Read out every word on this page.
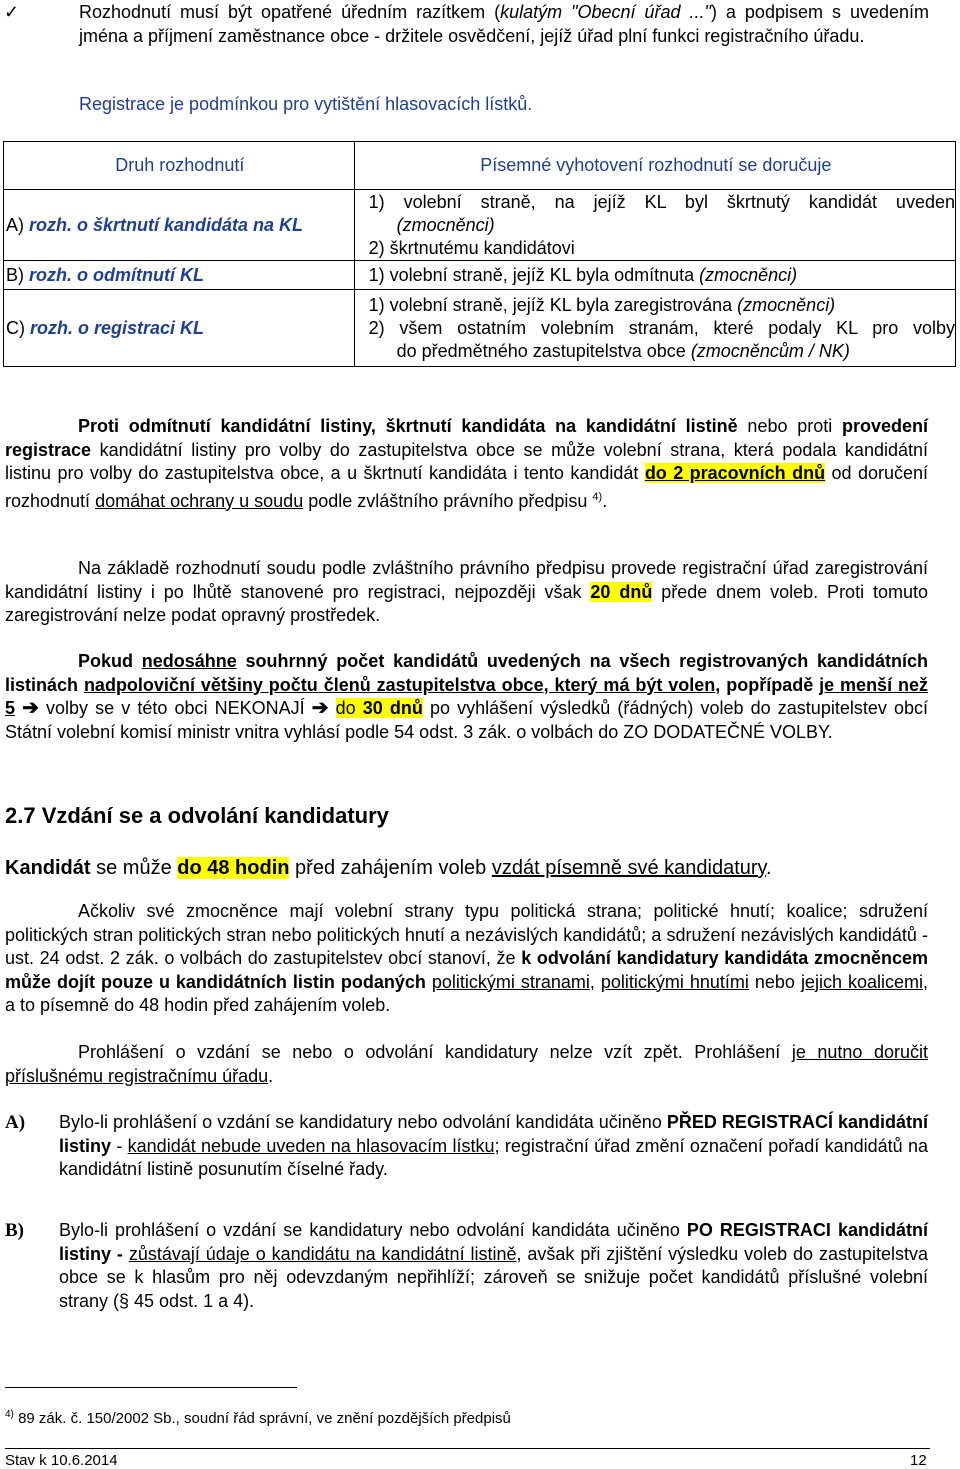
✓	Rozhodnutí musí být opatřené úředním razítkem (kulatým "Obecní úřad ...") a podpisem s uvedením jména a příjmení zaměstnance obce - držitele osvědčení, jejíž úřad plní funkci registračního úřadu.

Registrace je podmínkou pro vytištění hlasovacích lístků.

Druh rozhodnutí	Písemné vyhotovení rozhodnutí se doručuje
A) rozh. o škrtnutí kandidáta na KL	1) volební straně, na jejíž KL byl škrtnutý kandidát uveden
(zmocněnci)
2) škrtnutému kandidátovi

B) rozh. o odmítnutí KL	1) volební straně, jejíž KL byla odmítnuta (zmocněnci)
C) rozh. o registraci KL	1) volební straně, jejíž KL byla zaregistrována (zmocněnci)
2) všem ostatním volebním stranám, které podaly KL pro volby
do předmětného zastupitelstva obce (zmocněncům / NK)

Proti odmítnutí kandidátní listiny, škrtnutí kandidáta na kandidátní listině nebo proti provedení registrace kandidátní listiny pro volby do zastupitelstva obce se může volební strana, která podala kandidátní listinu pro volby do zastupitelstva obce, a u škrtnutí kandidáta i tento kandidát do 2 pracovních dnů od doručení rozhodnutí domáhat ochrany u soudu podle zvláštního právního předpisu $^{4)}$.

Na základě rozhodnutí soudu podle zvláštního právního předpisu provede registrační úřad zaregistrování kandidátní listiny i po lhůtě stanovené pro registraci, nejpozději však 20 dnů přede dnem voleb. Proti tomuto zaregistrování nelze podat opravný prostředek.

Pokud nedosáhne souhrnný počet kandidátů uvedených na všech registrovaných kandidátních listinách nadpoloviční většiny počtu členů zastupitelstva obce, který má být volen, popřípadě je menší než 5 ➔ volby se v této obci NEKONAJÍ ➔ do 30 dnů po vyhlášení výsledků (řádných) voleb do zastupitelstev obcí Státní volební komisí ministr vnitra vyhlásí podle 54 odst. 3 zák. o volbách do ZO DODATEČNÉ VOLBY.

2.7 Vzdání se a odvolání kandidatury

Kandidát se může do 48 hodin před zahájením voleb vzdát písemně své kandidatury.

Ačkoliv své zmocněnce mají volební strany typu politická strana; politické hnutí; koalice; sdružení politických stran politických stran nebo politických hnutí a nezávislých kandidátů; a sdružení nezávislých kandidátů - ust. 24 odst. 2 zák. o volbách do zastupitelstev obcí stanoví, že k odvolání kandidatury kandidáta zmocněncem může dojít pouze u kandidátních listin podaných politickými stranami, politickými hnutími nebo jejich koalicemi, a to písemně do 48 hodin před zahájením voleb.

Prohlášení o vzdání se nebo o odvolání kandidatury nelze vzít zpět. Prohlášení je nutno doručit příslušnému registračnímu úřadu.

A) Bylo-li prohlášení o vzdání se kandidatury nebo odvolání kandidáta učiněno PŘED REGISTRACÍ kandidátní listiny - kandidát nebude uveden na hlasovacím lístku; registrační úřad změní označení pořadí kandidátů na kandidátní listině posunutím číselné řady.

B) Bylo-li prohlášení o vzdání se kandidatury nebo odvolání kandidáta učiněno PO REGISTRACI kandidátní listiny - zůstávají údaje o kandidátu na kandidátní listině, avšak při zjištění výsledku voleb do zastupitelstva obce se k hlasům pro něj odevzdaným nepřihlíží; zároveň se snižuje počet kandidátů příslušné volební strany (§ 45 odst. 1 a 4).

$^{4)}$ 89 zák. č. 150/2002 Sb., soudní řád správní, ve znění pozdějších předpisů

Stav k 10.6.2014	12
